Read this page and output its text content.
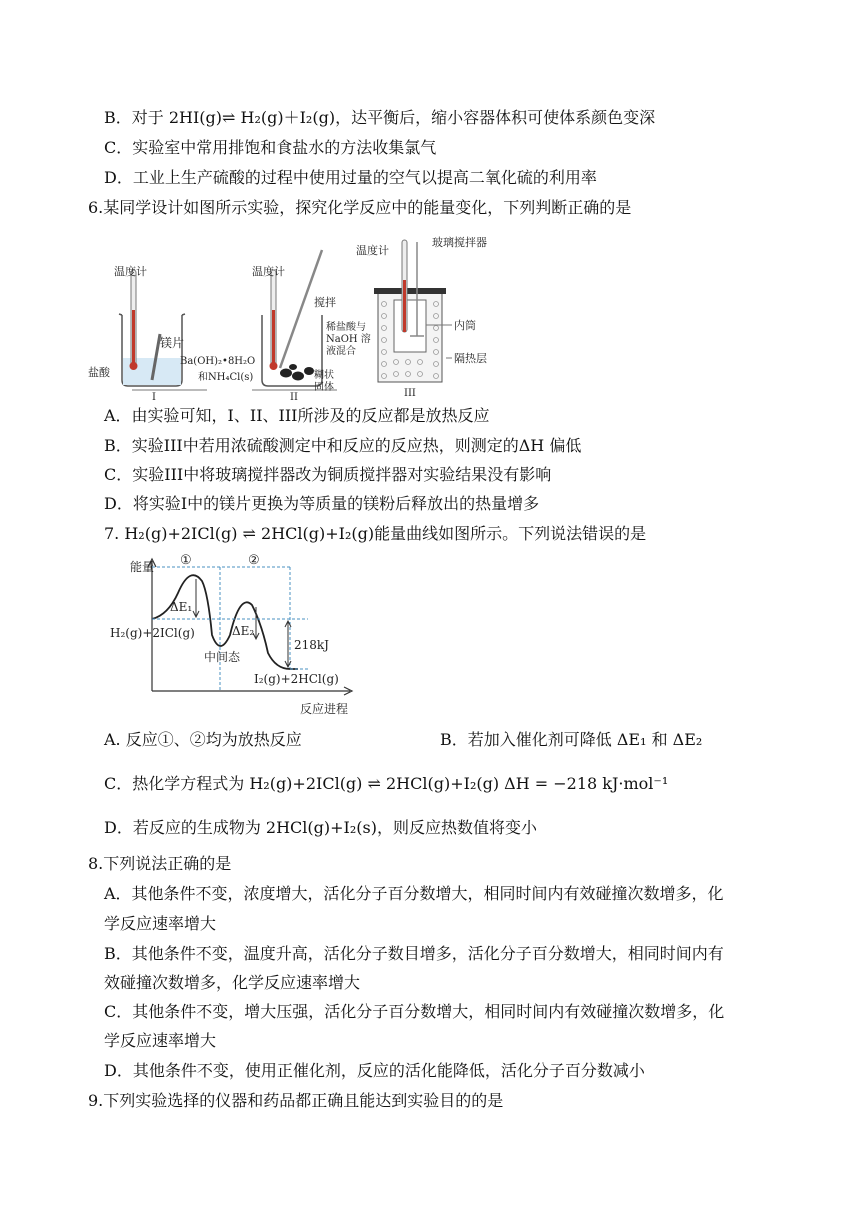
B．对于 2HI(g)⇌ H₂(g)＋I₂(g)，达平衡后，缩小容器体积可使体系颜色变深
C．实验室中常用排饱和食盐水的方法收集氯气
D．工业上生产硫酸的过程中使用过量的空气以提高二氧化硫的利用率
6.某同学设计如图所示实验，探究化学反应中的能量变化，下列判断正确的是
温度计
镁片
盐酸
I
温度计
搅拌
Ba(OH)₂•8H₂O
和NH₄Cl(s)	糊状
固体
II
温度计
玻璃搅拌器
稀盐酸与
NaOH 溶
液混合
内筒
隔热层
III
A．由实验可知，I、II、III所涉及的反应都是放热反应
B．实验III中若用浓硫酸测定中和反应的反应热，则测定的ΔH 偏低
C．实验III中将玻璃搅拌器改为铜质搅拌器对实验结果没有影响
D．将实验I中的镁片更换为等质量的镁粉后释放出的热量增多
7. H₂(g)+2ICl(g) ⇌ 2HCl(g)+I₂(g)能量曲线如图所示。下列说法错误的是
能量 ①	②
ΔE₁
ΔE₂
H₂(g)+2ICl(g)
中间态
218kJ
I₂(g)+2HCl(g)
反应进程
A. 反应①、②均为放热反应	B．若加入催化剂可降低 ΔE₁ 和 ΔE₂
C．热化学方程式为 H₂(g)+2ICl(g) ⇌ 2HCl(g)+I₂(g) ΔH = −218 kJ·mol⁻¹
D．若反应的生成物为 2HCl(g)+I₂(s)，则反应热数值将变小
8.下列说法正确的是
A．其他条件不变，浓度增大，活化分子百分数增大，相同时间内有效碰撞次数增多，化
学反应速率增大
B．其他条件不变，温度升高，活化分子数目增多，活化分子百分数增大，相同时间内有
效碰撞次数增多，化学反应速率增大
C．其他条件不变，增大压强，活化分子百分数增大，相同时间内有效碰撞次数增多，化
学反应速率增大
D．其他条件不变，使用正催化剂，反应的活化能降低，活化分子百分数减小
9.下列实验选择的仪器和药品都正确且能达到实验目的的是
